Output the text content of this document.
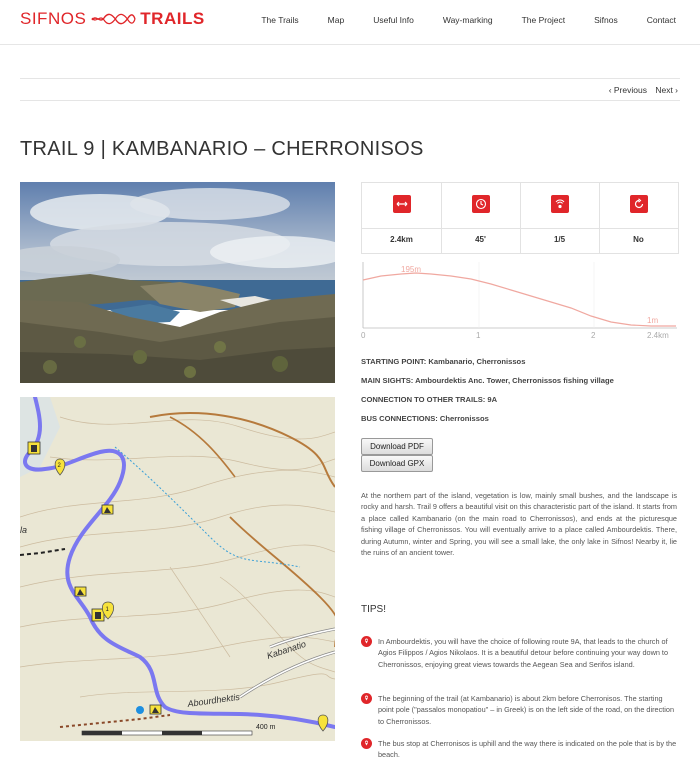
SIFNOS	TRAILS	The Trails	Map	Useful Info	Way-marking	The Project	Sifnos	Contact
‹ Previous Next ›
TRAIL 9 | KAMBANARIO – CHERRONISOS
2
1
Abourdhektis
Kabanatio
la
400 m
2.4km	45'	1/5	No
195m
1m
0	1	2	2.4km
STARTING POINT: Kambanario, Cherronissos
MAIN SIGHTS: Ambourdektis Anc. Tower, Cherronissos fishing village
CONNECTION TO OTHER TRAILS: 9A
BUS CONNECTIONS: Cherronissos
Download PDF
Download GPX
At the northern part of the island, vegetation is low, mainly small bushes, and the landscape is rocky and harsh. Trail 9 offers a beautiful visit on this characteristic part of the island. It starts from a place called Kambanario (on the main road to Cherronissos), and ends at the picturesque fishing village of Cherronissos. You will eventually arrive to a place called Ambourdektis. There, during Autumn, winter and Spring, you will see a small lake, the only lake in Sifnos! Nearby it, lie the ruins of an ancient tower.
TIPS!
In Ambourdektis, you will have the choice of following route 9A, that leads to the church of Agios Filippos / Agios Nikolaos. It is a beautiful detour before continuing your way down to Cherronissos, enjoying great views towards the Aegean Sea and Serifos island.
The beginning of the trail (at Kambanario) is about 2km before Cherronisos. The starting point pole ("passalos monopatiou" – in Greek) is on the left side of the road, on the direction to Cherronissos.
The bus stop at Cherronisos is uphill and the way there is indicated on the pole that is by the beach.
